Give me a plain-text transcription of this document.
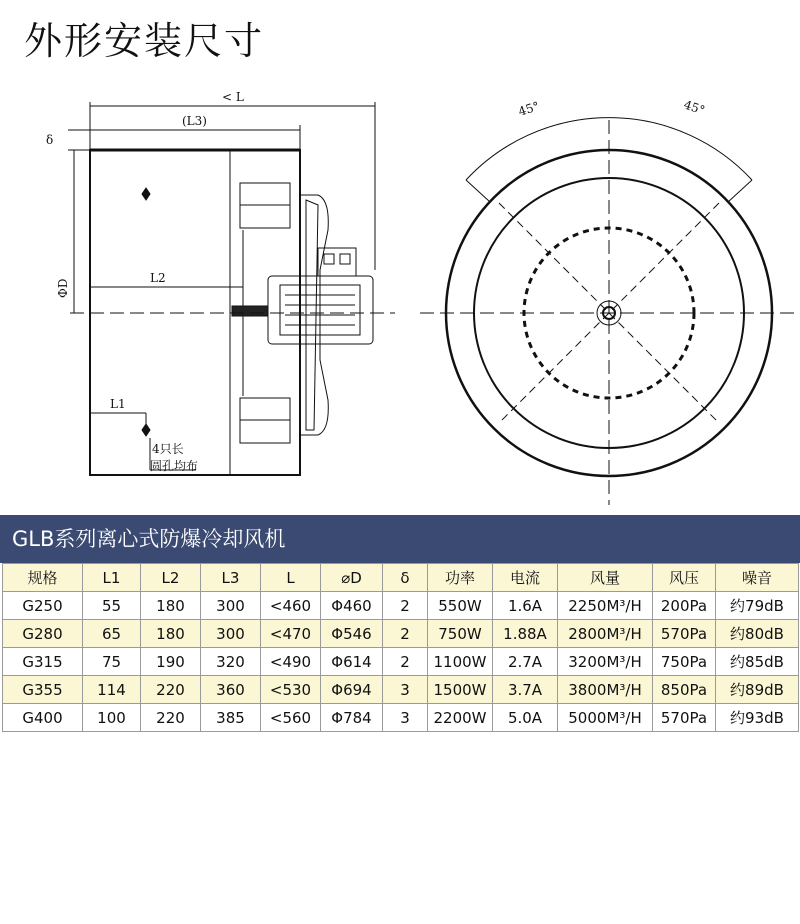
外形安装尺寸
< L
(L3)
δ
ΦD
L2
L1
4只长
圆孔均布
45°	45°
GLB系列离心式防爆冷却风机
规格	L1	L2	L3	L	⌀D	δ	功率	电流	风量	风压	噪音
G250	55	180	300	<460	Φ460	2	550W	1.6A	2250M³/H	200Pa	约79dB
G280	65	180	300	<470	Φ546	2	750W	1.88A	2800M³/H	570Pa	约80dB
G315	75	190	320	<490	Φ614	2	1100W	2.7A	3200M³/H	750Pa	约85dB
G355	114	220	360	<530	Φ694	3	1500W	3.7A	3800M³/H	850Pa	约89dB
G400	100	220	385	<560	Φ784	3	2200W	5.0A	5000M³/H	570Pa	约93dB
